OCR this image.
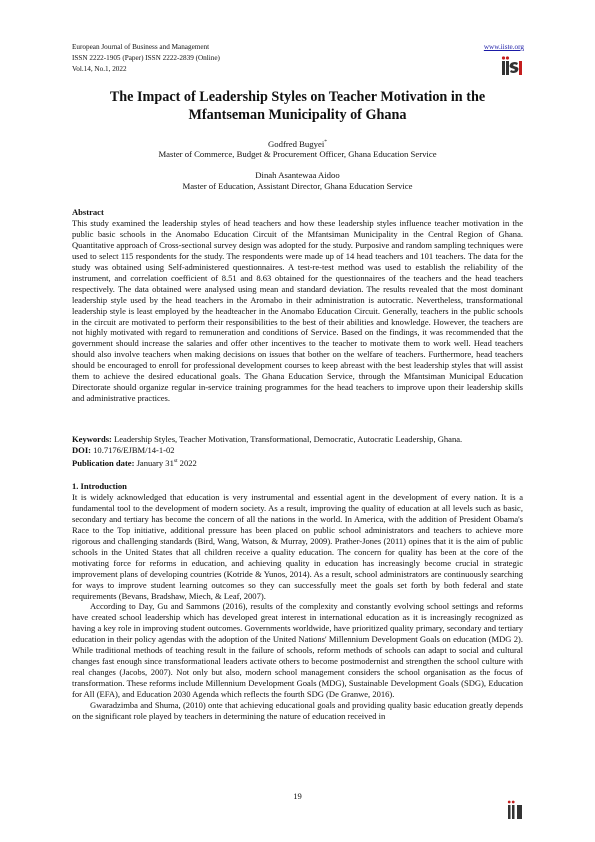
European Journal of Business and Management	www.iiste.org
ISSN 2222-1905 (Paper) ISSN 2222-2839 (Online)
Vol.14, No.1, 2022
The Impact of Leadership Styles on Teacher Motivation in the Mfantseman Municipality of Ghana
Godfred Bugyei*
Master of Commerce, Budget & Procurement Officer, Ghana Education Service
Dinah Asantewaa Aidoo
Master of Education, Assistant Director, Ghana Education Service

Abstract

This study examined the leadership styles of head teachers and how these leadership styles influence teacher motivation in the public basic schools in the Anomabo Education Circuit of the Mfantsiman Municipality in the Central Region of Ghana. Quantitative approach of Cross-sectional survey design was adopted for the study. Purposive and random sampling techniques were used to select 115 respondents for the study. The respondents were made up of 14 head teachers and 101 teachers. The data for the study was obtained using Self-administered questionnaires. A test-re-test method was used to establish the reliability of the instrument, and correlation coefficient of 8.51 and 8.63 obtained for the questionnaires of the teachers and the head teachers respectively. The data obtained were analysed using mean and standard deviation. The results revealed that the most dominant leadership style used by the head teachers in the Aromabo in their administration is autocratic. Nevertheless, transformational leadership style is least employed by the headteacher in the Anomabo Education Circuit. Generally, teachers in the public schools in the circuit are motivated to perform their responsibilities to the best of their abilities and knowledge. However, the teachers are not highly motivated with regard to remuneration and conditions of Service. Based on the findings, it was recommended that the government should increase the salaries and offer other incentives to the teacher to motivate them to work well. Head teachers should also involve teachers when making decisions on issues that bother on the welfare of teachers. Furthermore, head teachers should be encouraged to enroll for professional development courses to keep abreast with the best leadership styles that will assist them to achieve the desired educational goals. The Ghana Education Service, through the Mfantsiman Municipal Education Directorate should organize regular in-service training programmes for the head teachers to improve upon their leadership skills and administrative practices.

Keywords: Leadership Styles, Teacher Motivation, Transformational, Democratic, Autocratic Leadership, Ghana.
DOI: 10.7176/EJBM/14-1-02
Publication date: January 31st 2022

1. Introduction

It is widely acknowledged that education is very instrumental and essential agent in the development of every nation. It is a fundamental tool to the development of modern society. As a result, improving the quality of education at all levels such as basic, secondary and tertiary has become the concern of all the nations in the world. In America, with the addition of President Obama's Race to the Top initiative, additional pressure has been placed on public school administrators and teachers to achieve more rigorous and challenging standards (Bird, Wang, Watson, & Murray, 2009). Prather-Jones (2011) opines that it is the aim of public schools in the United States that all children receive a quality education. The concern for quality has been at the core of the motivating force for reforms in education, and achieving quality in education has increasingly become crucial in strategic improvement plans of developing countries (Kotride & Yunos, 2014). As a result, school administrators are continuously searching for ways to improve student learning outcomes so they can successfully meet the goals set forth by both federal and state requirements (Bevans, Bradshaw, Miech, & Leaf, 2007).

According to Day, Gu and Sammons (2016), results of the complexity and constantly evolving school settings and reforms have created school leadership which has developed great interest in international education as it is increasingly recognized as having a key role in improving student outcomes. Governments worldwide, have prioritized quality primary, secondary and tertiary education in their policy agendas with the adoption of the United Nations' Millennium Development Goals on education (MDG 2). While traditional methods of teaching result in the failure of schools, reform methods of schools can adapt to social and cultural changes fast enough since transformational leaders activate others to become postmodernist and strengthen the school culture with real changes (Jacobs, 2007). Not only but also, modern school management considers the school organisation as the focus of transformation. These reforms include Millennium Development Goals (MDG), Sustainable Development Goals (SDG), Education for All (EFA), and Education 2030 Agenda which reflects the fourth SDG (De Granwe, 2016).

Gwaradzimba and Shuma, (2010) onte that achieving educational goals and providing quality basic education greatly depends on the significant role played by teachers in determining the nature of education received in

19
